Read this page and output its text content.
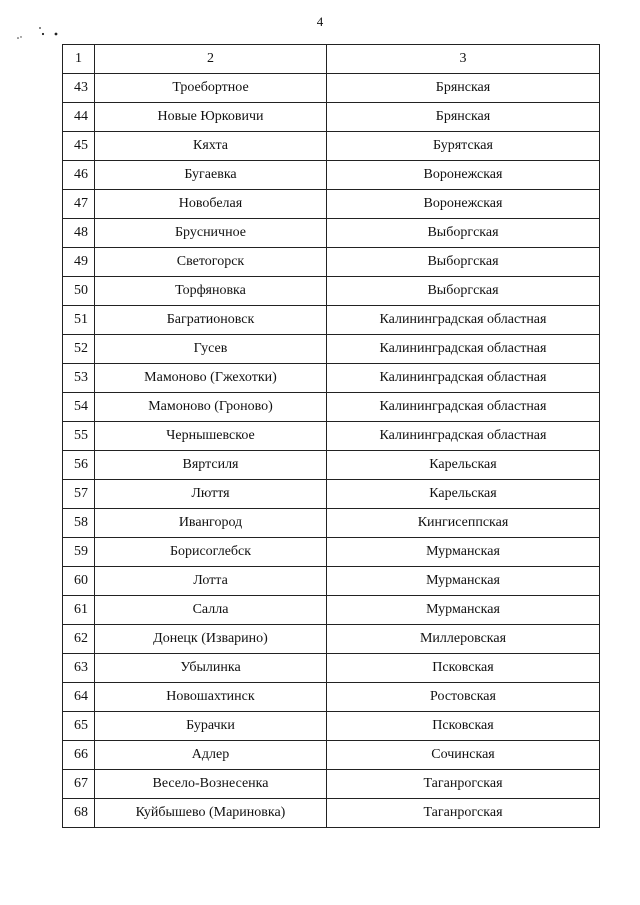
4
1	2	3
43	Троебортное	Брянская
44	Новые Юрковичи	Брянская
45	Кяхта	Бурятская
46	Бугаевка	Воронежская
47	Новобелая	Воронежская
48	Брусничное	Выборгская
49	Светогорск	Выборгская
50	Торфяновка	Выборгская
51	Багратионовск	Калининградская областная
52	Гусев	Калининградская областная
53	Мамоново (Гжехотки)	Калининградская областная
54	Мамоново (Гроново)	Калининградская областная
55	Чернышевское	Калининградская областная
56	Вяртсиля	Карельская
57	Люття	Карельская
58	Ивангород	Кингисеппская
59	Борисоглебск	Мурманская
60	Лотта	Мурманская
61	Салла	Мурманская
62	Донецк (Изварино)	Миллеровская
63	Убылинка	Псковская
64	Новошахтинск	Ростовская
65	Бурачки	Псковская
66	Адлер	Сочинская
67	Весело-Вознесенка	Таганрогская
68	Куйбышево (Мариновка)	Таганрогская
